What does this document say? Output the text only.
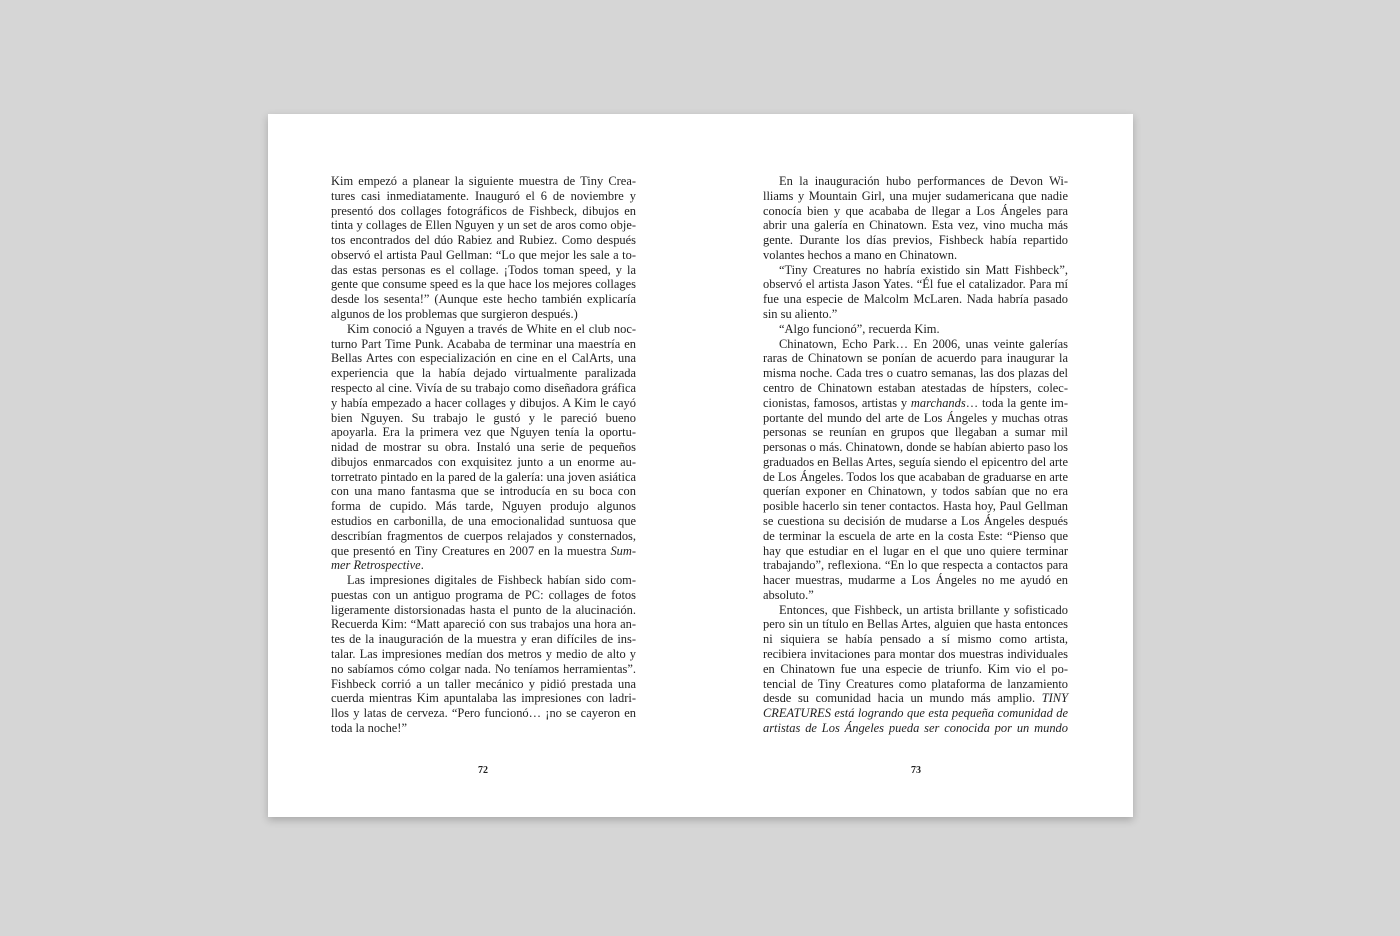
Kim empezó a planear la siguiente muestra de Tiny Creatures casi inmediatamente. Inauguró el 6 de noviembre y presentó dos collages fotográficos de Fishbeck, dibujos en tinta y collages de Ellen Nguyen y un set de aros como objetos encontrados del dúo Rabiez and Rubiez. Como después observó el artista Paul Gellman: “Lo que mejor les sale a todas estas personas es el collage. ¡Todos toman speed, y la gente que consume speed es la que hace los mejores collages desde los sesenta!” (Aunque este hecho también explicaría algunos de los problemas que surgieron después.)

Kim conoció a Nguyen a través de White en el club nocturno Part Time Punk. Acababa de terminar una maestría en Bellas Artes con especialización en cine en el CalArts, una experiencia que la había dejado virtualmente paralizada respecto al cine. Vivía de su trabajo como diseñadora gráfica y había empezado a hacer collages y dibujos. A Kim le cayó bien Nguyen. Su trabajo le gustó y le pareció bueno apoyarla. Era la primera vez que Nguyen tenía la oportunidad de mostrar su obra. Instaló una serie de pequeños dibujos enmarcados con exquisitez junto a un enorme autorretrato pintado en la pared de la galería: una joven asiática con una mano fantasma que se introducía en su boca con forma de cupido. Más tarde, Nguyen produjo algunos estudios en carbonilla, de una emocionalidad suntuosa que describían fragmentos de cuerpos relajados y consternados, que presentó en Tiny Creatures en 2007 en la muestra Summer Retrospective.

Las impresiones digitales de Fishbeck habían sido compuestas con un antiguo programa de PC: collages de fotos ligeramente distorsionadas hasta el punto de la alucinación. Recuerda Kim: “Matt apareció con sus trabajos una hora antes de la inauguración de la muestra y eran difíciles de instalar. Las impresiones medían dos metros y medio de alto y no sabíamos cómo colgar nada. No teníamos herramientas”. Fishbeck corrió a un taller mecánico y pidió prestada una cuerda mientras Kim apuntalaba las impresiones con ladrillos y latas de cerveza. “Pero funcionó… ¡no se cayeron en toda la noche!”

72

En la inauguración hubo performances de Devon Williams y Mountain Girl, una mujer sudamericana que nadie conocía bien y que acababa de llegar a Los Ángeles para abrir una galería en Chinatown. Esta vez, vino mucha más gente. Durante los días previos, Fishbeck había repartido volantes hechos a mano en Chinatown.

“Tiny Creatures no habría existido sin Matt Fishbeck”, observó el artista Jason Yates. “Él fue el catalizador. Para mí fue una especie de Malcolm McLaren. Nada habría pasado sin su aliento.”

“Algo funcionó”, recuerda Kim.

Chinatown, Echo Park… En 2006, unas veinte galerías raras de Chinatown se ponían de acuerdo para inaugurar la misma noche. Cada tres o cuatro semanas, las dos plazas del centro de Chinatown estaban atestadas de hípsters, coleccionistas, famosos, artistas y marchands… toda la gente importante del mundo del arte de Los Ángeles y muchas otras personas se reunían en grupos que llegaban a sumar mil personas o más. Chinatown, donde se habían abierto paso los graduados en Bellas Artes, seguía siendo el epicentro del arte de Los Ángeles. Todos los que acababan de graduarse en arte querían exponer en Chinatown, y todos sabían que no era posible hacerlo sin tener contactos. Hasta hoy, Paul Gellman se cuestiona su decisión de mudarse a Los Ángeles después de terminar la escuela de arte en la costa Este: “Pienso que hay que estudiar en el lugar en el que uno quiere terminar trabajando”, reflexiona. “En lo que respecta a contactos para hacer muestras, mudarme a Los Ángeles no me ayudó en absoluto.”

Entonces, que Fishbeck, un artista brillante y sofisticado pero sin un título en Bellas Artes, alguien que hasta entonces ni siquiera se había pensado a sí mismo como artista, recibiera invitaciones para montar dos muestras individuales en Chinatown fue una especie de triunfo. Kim vio el potencial de Tiny Creatures como plataforma de lanzamiento desde su comunidad hacia un mundo más amplio. TINY CREATURES está logrando que esta pequeña comunidad de artistas de Los Ángeles pueda ser conocida por un mundo

73
